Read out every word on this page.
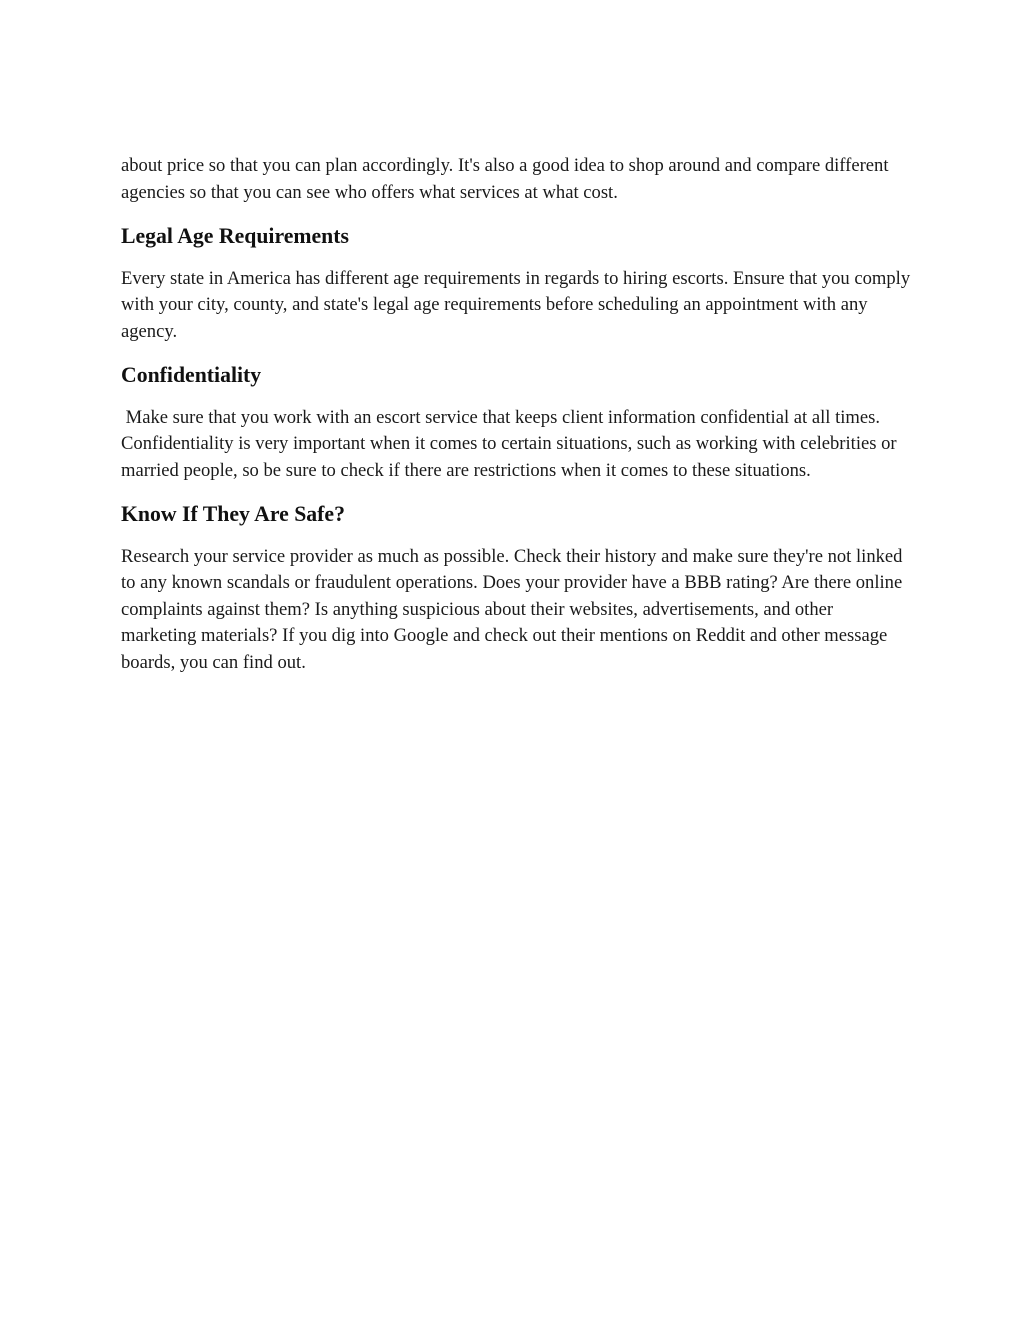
about price so that you can plan accordingly. It's also a good idea to shop around and compare different agencies so that you can see who offers what services at what cost.

Legal Age Requirements

Every state in America has different age requirements in regards to hiring escorts. Ensure that you comply with your city, county, and state's legal age requirements before scheduling an appointment with any agency.

Confidentiality

Make sure that you work with an escort service that keeps client information confidential at all times. Confidentiality is very important when it comes to certain situations, such as working with celebrities or married people, so be sure to check if there are restrictions when it comes to these situations.

Know If They Are Safe?

Research your service provider as much as possible. Check their history and make sure they're not linked to any known scandals or fraudulent operations. Does your provider have a BBB rating? Are there online complaints against them? Is anything suspicious about their websites, advertisements, and other marketing materials? If you dig into Google and check out their mentions on Reddit and other message boards, you can find out.
